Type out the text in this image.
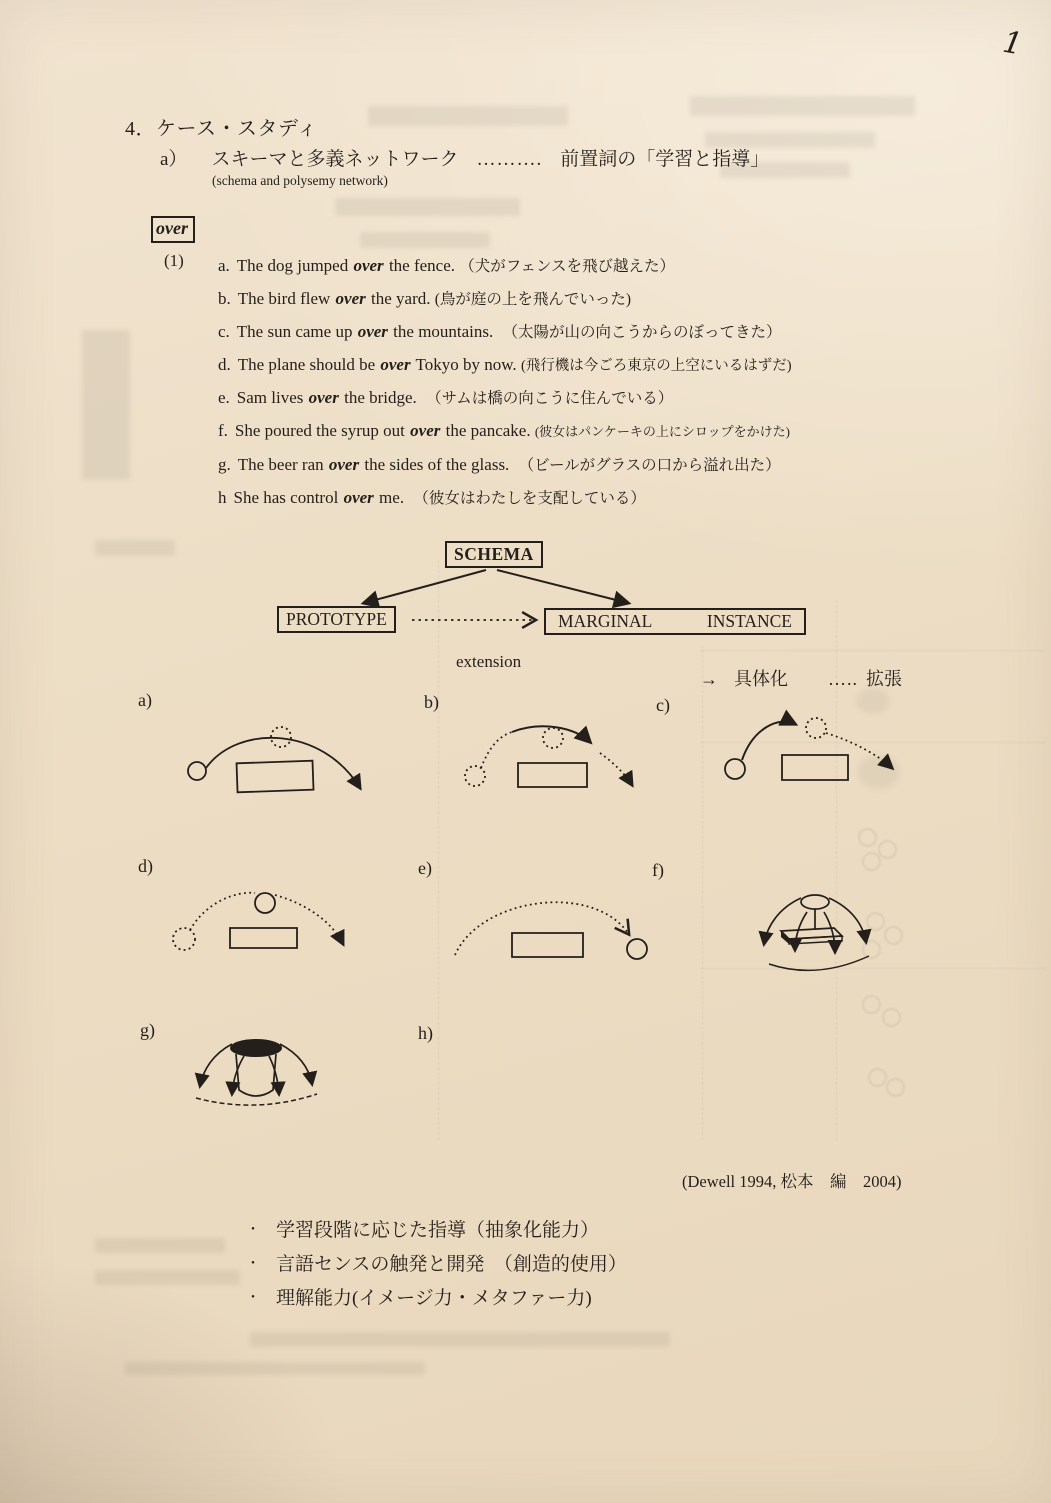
1
4．ケース・スタディ
a） スキーマと多義ネットワーク ………. 前置詞の「学習と指導」
(schema and polysemy network)
over
(1) a. The dog jumped over the fence. （犬がフェンスを飛び越えた）
b. The bird flew over the yard. (鳥が庭の上を飛んでいった)
c. The sun came up over the mountains.　 （太陽が山の向こうからのぼってきた）
d. The plane should be over Tokyo by now. (飛行機は今ごろ東京の上空にいるはずだ)
e. Sam lives over the bridge.　 （サムは橋の向こうに住んでいる）
f. She poured the syrup out over the pancake. (彼女はパンケーキの上にシロップをかけた)
g. The beer ran over the sides of the glass.　 （ビールがグラスの口から溢れ出た）
h She has control over me.　 （彼女はわたしを支配している）
SCHEMA
PROTOTYPE	MARGINAL	INSTANCE
extension
→ 具体化 ….. 拡張
a)	b)	c)
d)	e)	f)
g)	h)
(Dewell 1994, 松本　編　2004)
・ 学習段階に応じた指導（抽象化能力）
・ 言語センスの触発と開発　（創造的使用）
・ 理解能力(イメージ力・メタファー力)
